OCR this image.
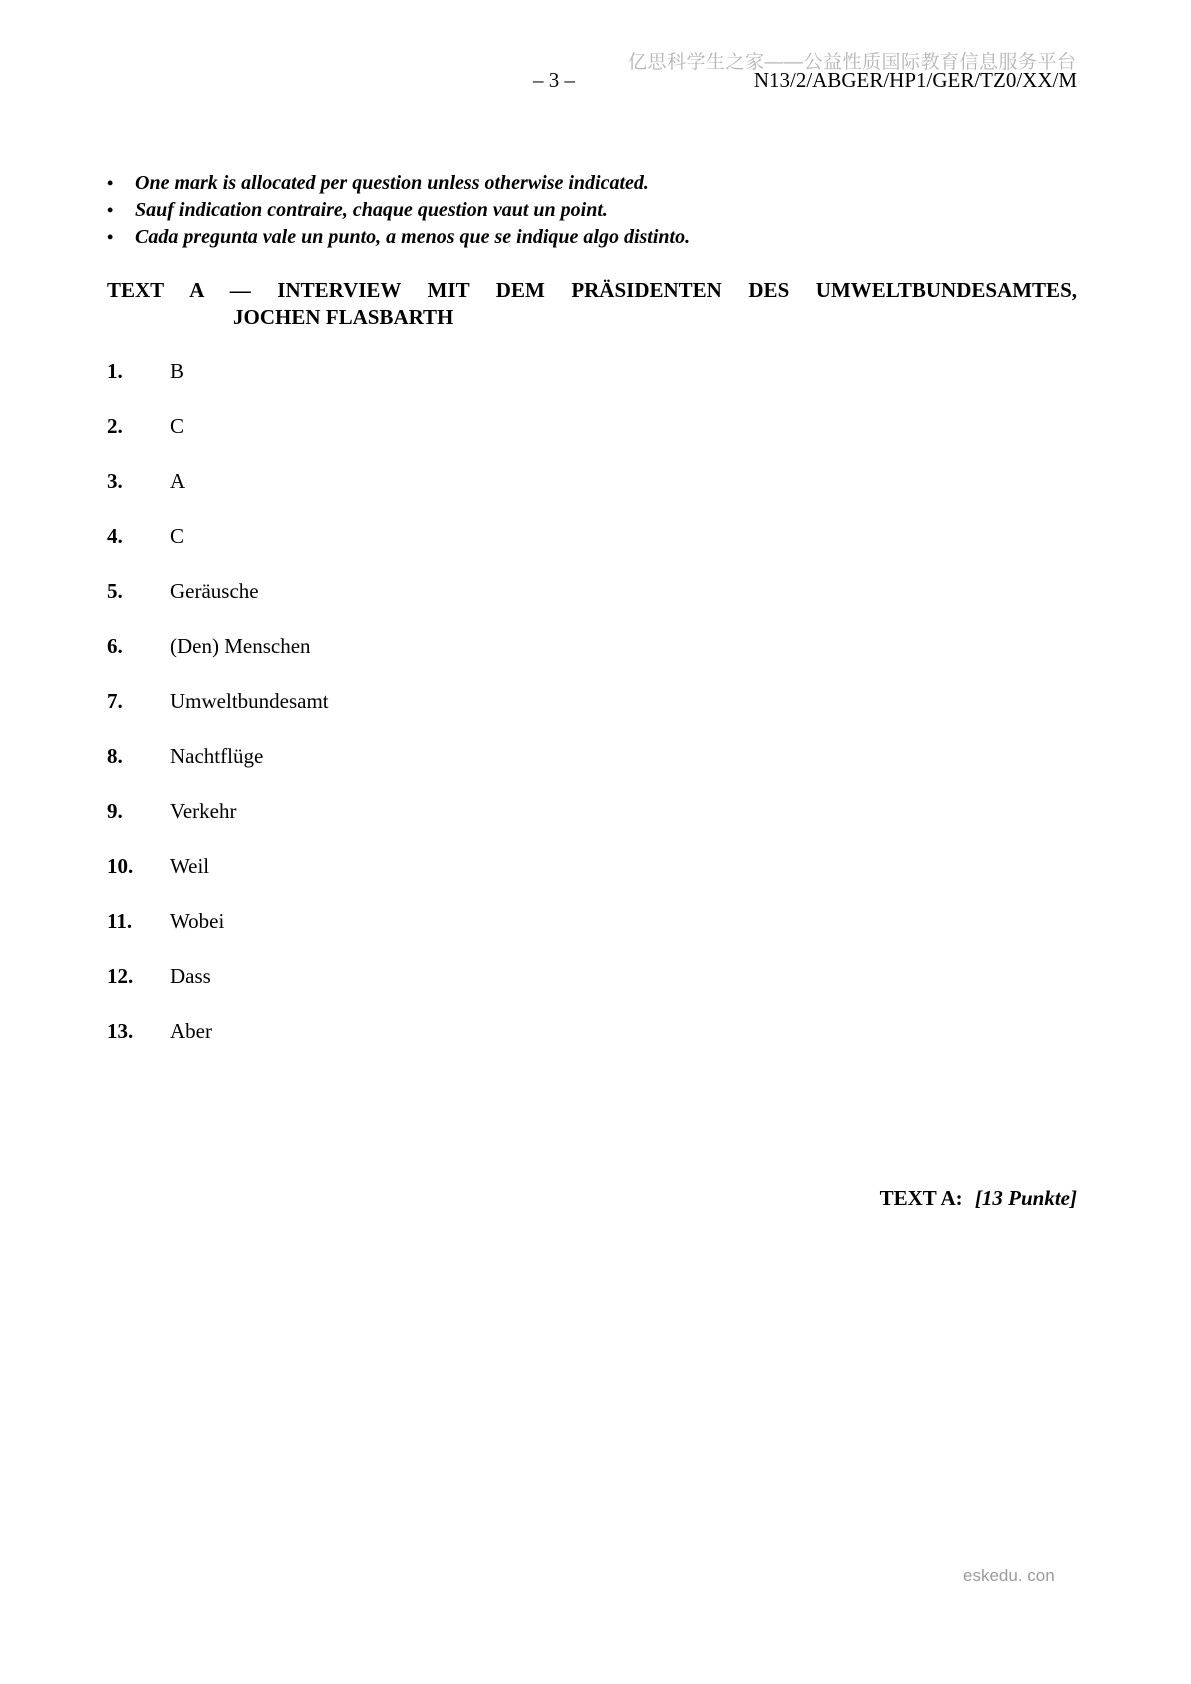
亿思科学生之家——公益性质国际教育信息服务平台
– 3 –	N13/2/ABGER/HP1/GER/TZ0/XX/M
•	One mark is allocated per question unless otherwise indicated.
•	Sauf indication contraire, chaque question vaut un point.
•	Cada pregunta vale un punto, a menos que se indique algo distinto.
TEXT A — INTERVIEW MIT DEM PRÄSIDENTEN DES UMWELTBUNDESAMTES,
JOCHEN FLASBARTH
1.	B
2.	C
3.	A
4.	C
5.	Geräusche
6.	(Den) Menschen
7.	Umweltbundesamt
8.	Nachtflüge
9.	Verkehr
10.	Weil
11.	Wobei
12.	Dass
13.	Aber
TEXT A: [13 Punkte]
eskedu. con
